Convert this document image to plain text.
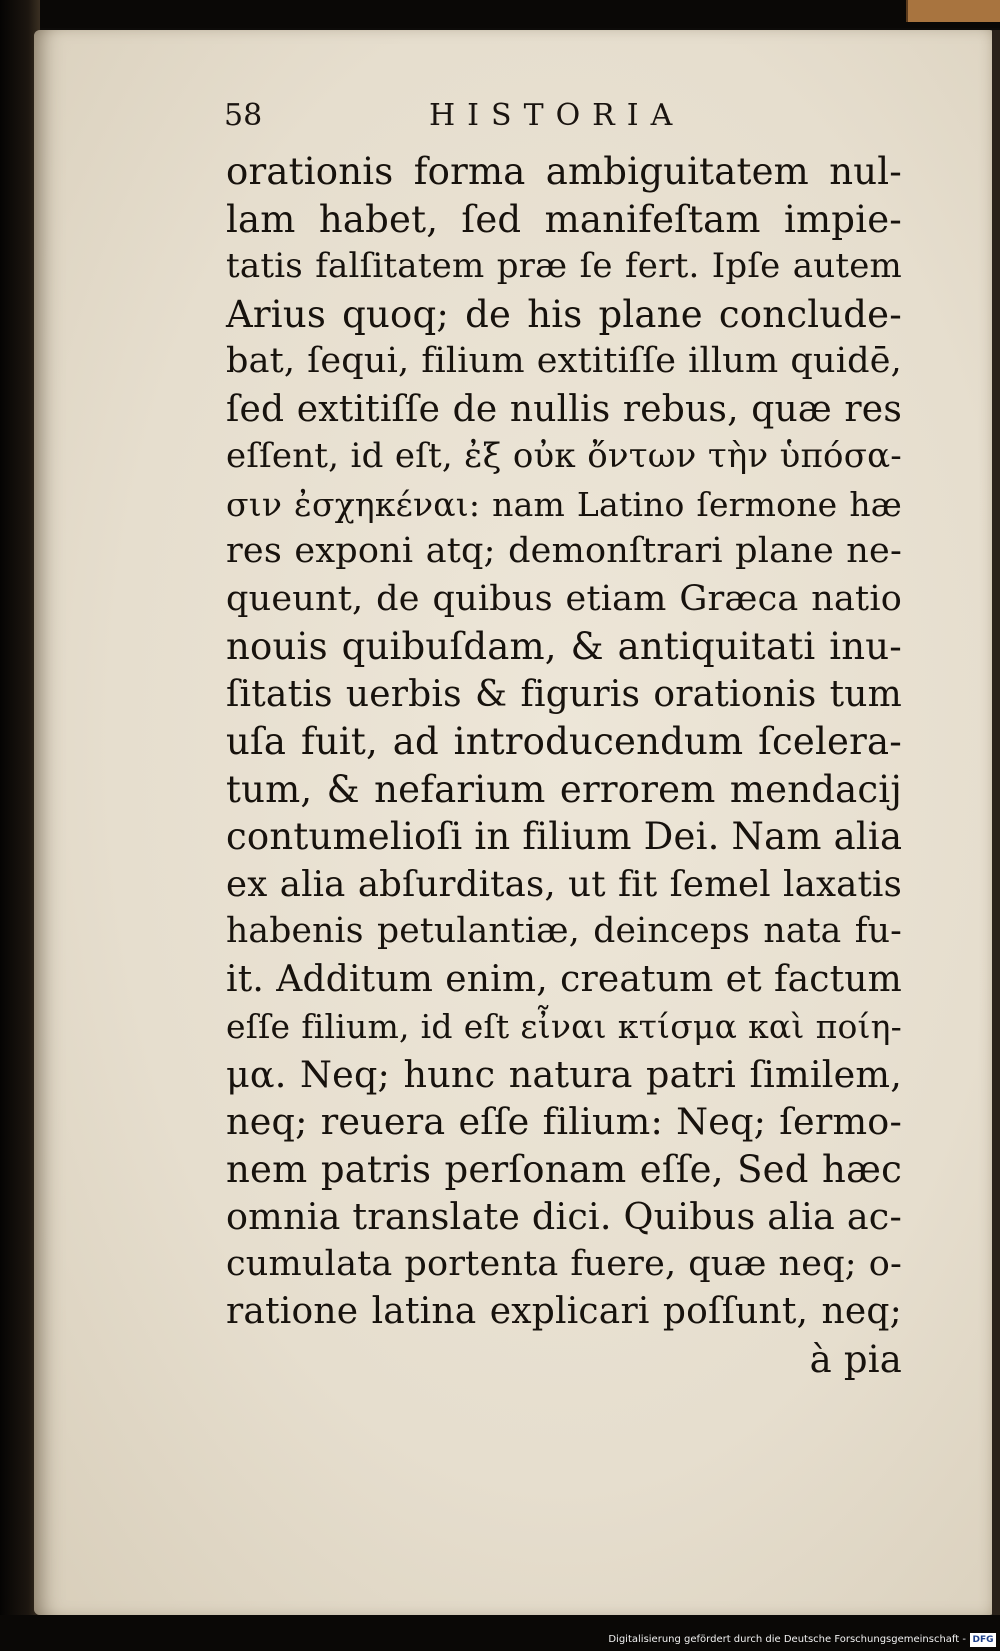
58	HISTORIA
orationis forma ambiguitatem nul-
lam habet, ſed manifeſtam impie-
tatis falſitatem præ ſe fert. Ipſe autem
Arius quoq; de his plane conclude-
bat, ſequi, filium extitiſſe illum quidē,
ſed extitiſſe de nullis rebus, quæ res
eſſent, id eſt, ἐξ οὐκ ὄντων τὴν ὑπόσα-
σιν ἐσχηκέναι: nam Latino ſermone hæ
res exponi atq; demonſtrari plane ne-
queunt, de quibus etiam Græca natio
nouis quibuſdam, & antiquitati inu-
ſitatis uerbis & figuris orationis tum
uſa fuit, ad introducendum ſcelera-
tum, & nefarium errorem mendacij
contumelioſi in filium Dei. Nam alia
ex alia abſurditas, ut fit ſemel laxatis
habenis petulantiæ, deinceps nata fu-
it. Additum enim, creatum et factum
eſſe filium, id eſt εἶναι κτίσμα καὶ ποίη-
μα. Neq; hunc natura patri ſimilem,
neq; reuera eſſe filium: Neq; ſermo-
nem patris perſonam eſſe, Sed hæc
omnia translate dici. Quibus alia ac-
cumulata portenta fuere, quæ neq; o-
ratione latina explicari poſſunt, neq;
à pia
Digitalisierung gefördert durch die Deutsche Forschungsgemeinschaft - DFG
